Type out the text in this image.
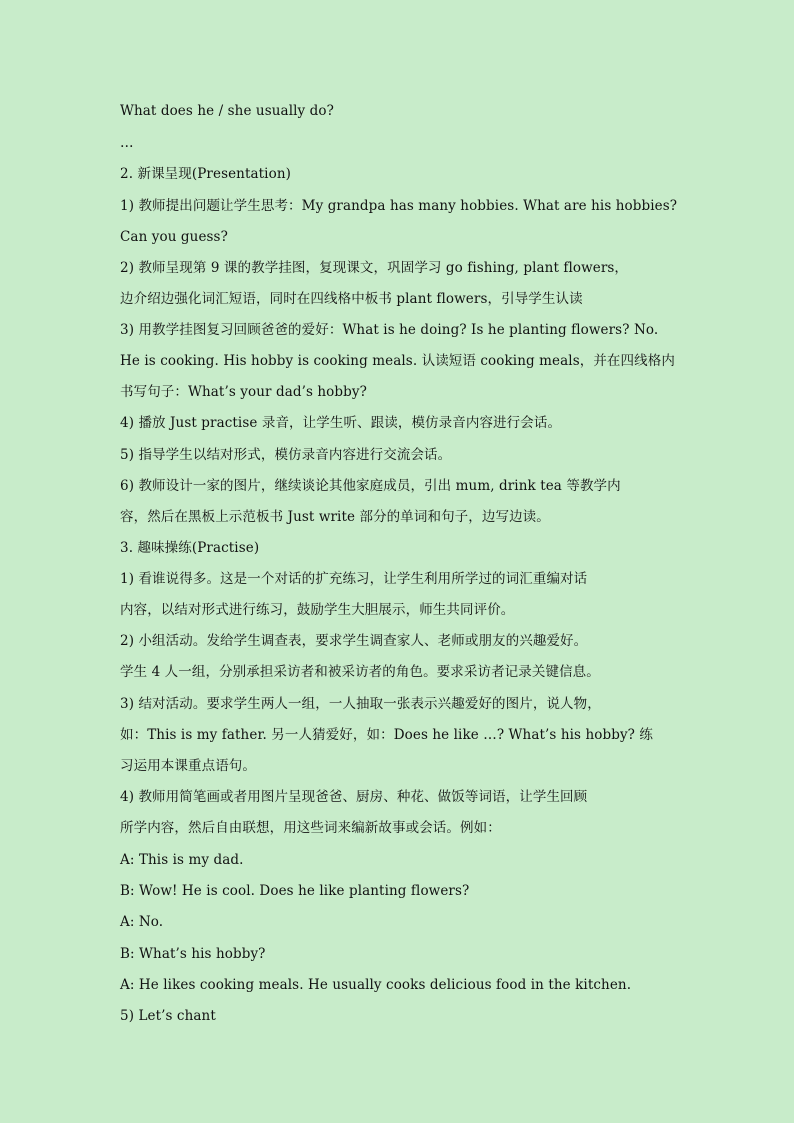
What does he / she usually do?
…
2. 新课呈现(Presentation)
1) 教师提出问题让学生思考：My grandpa has many hobbies. What are his hobbies?
Can you guess?
2) 教师呈现第 9 课的教学挂图，复现课文，巩固学习 go fishing, plant flowers，
边介绍边强化词汇短语，同时在四线格中板书 plant flowers，引导学生认读
3) 用教学挂图复习回顾爸爸的爱好：What is he doing? Is he planting flowers? No.
He is cooking. His hobby is cooking meals. 认读短语 cooking meals，并在四线格内
书写句子：What’s your dad’s hobby?
4) 播放 Just practise 录音，让学生听、跟读，模仿录音内容进行会话。
5) 指导学生以结对形式，模仿录音内容进行交流会话。
6) 教师设计一家的图片，继续谈论其他家庭成员，引出 mum, drink tea 等教学内
容，然后在黑板上示范板书 Just write 部分的单词和句子，边写边读。
3. 趣味操练(Practise)
1) 看谁说得多。这是一个对话的扩充练习，让学生利用所学过的词汇重编对话
内容，以结对形式进行练习，鼓励学生大胆展示，师生共同评价。
2) 小组活动。发给学生调查表，要求学生调查家人、老师或朋友的兴趣爱好。
学生 4 人一组，分别承担采访者和被采访者的角色。要求采访者记录关键信息。
3) 结对活动。要求学生两人一组，一人抽取一张表示兴趣爱好的图片，说人物，
如：This is my father. 另一人猜爱好，如：Does he like …? What’s his hobby? 练
习运用本课重点语句。
4) 教师用简笔画或者用图片呈现爸爸、厨房、种花、做饭等词语，让学生回顾
所学内容，然后自由联想，用这些词来编新故事或会话。例如：
A: This is my dad.
B: Wow! He is cool. Does he like planting flowers?
A: No.
B: What’s his hobby?
A: He likes cooking meals. He usually cooks delicious food in the kitchen.
5) Let’s chant
